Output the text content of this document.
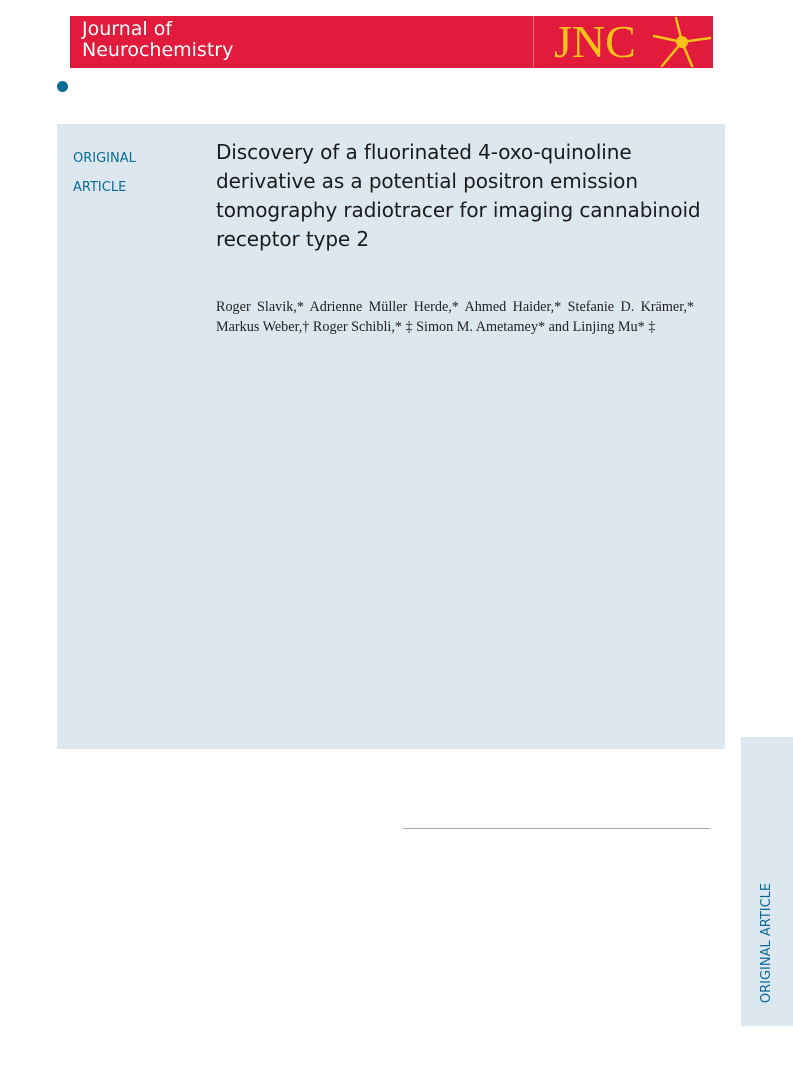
Journal of
Neurochemistry	JNC
ORIGINAL
ARTICLE
Discovery of a fluorinated 4-oxo-quinoline derivative as a potential positron emission tomography radiotracer for imaging cannabinoid receptor type 2

Roger Slavik,* Adrienne Müller Herde,* Ahmed Haider,* Stefanie D. Krämer,* Markus Weber,† Roger Schibli,* ‡ Simon M. Ametamey* and Linjing Mu* ‡

ORIGINAL ARTICLE
